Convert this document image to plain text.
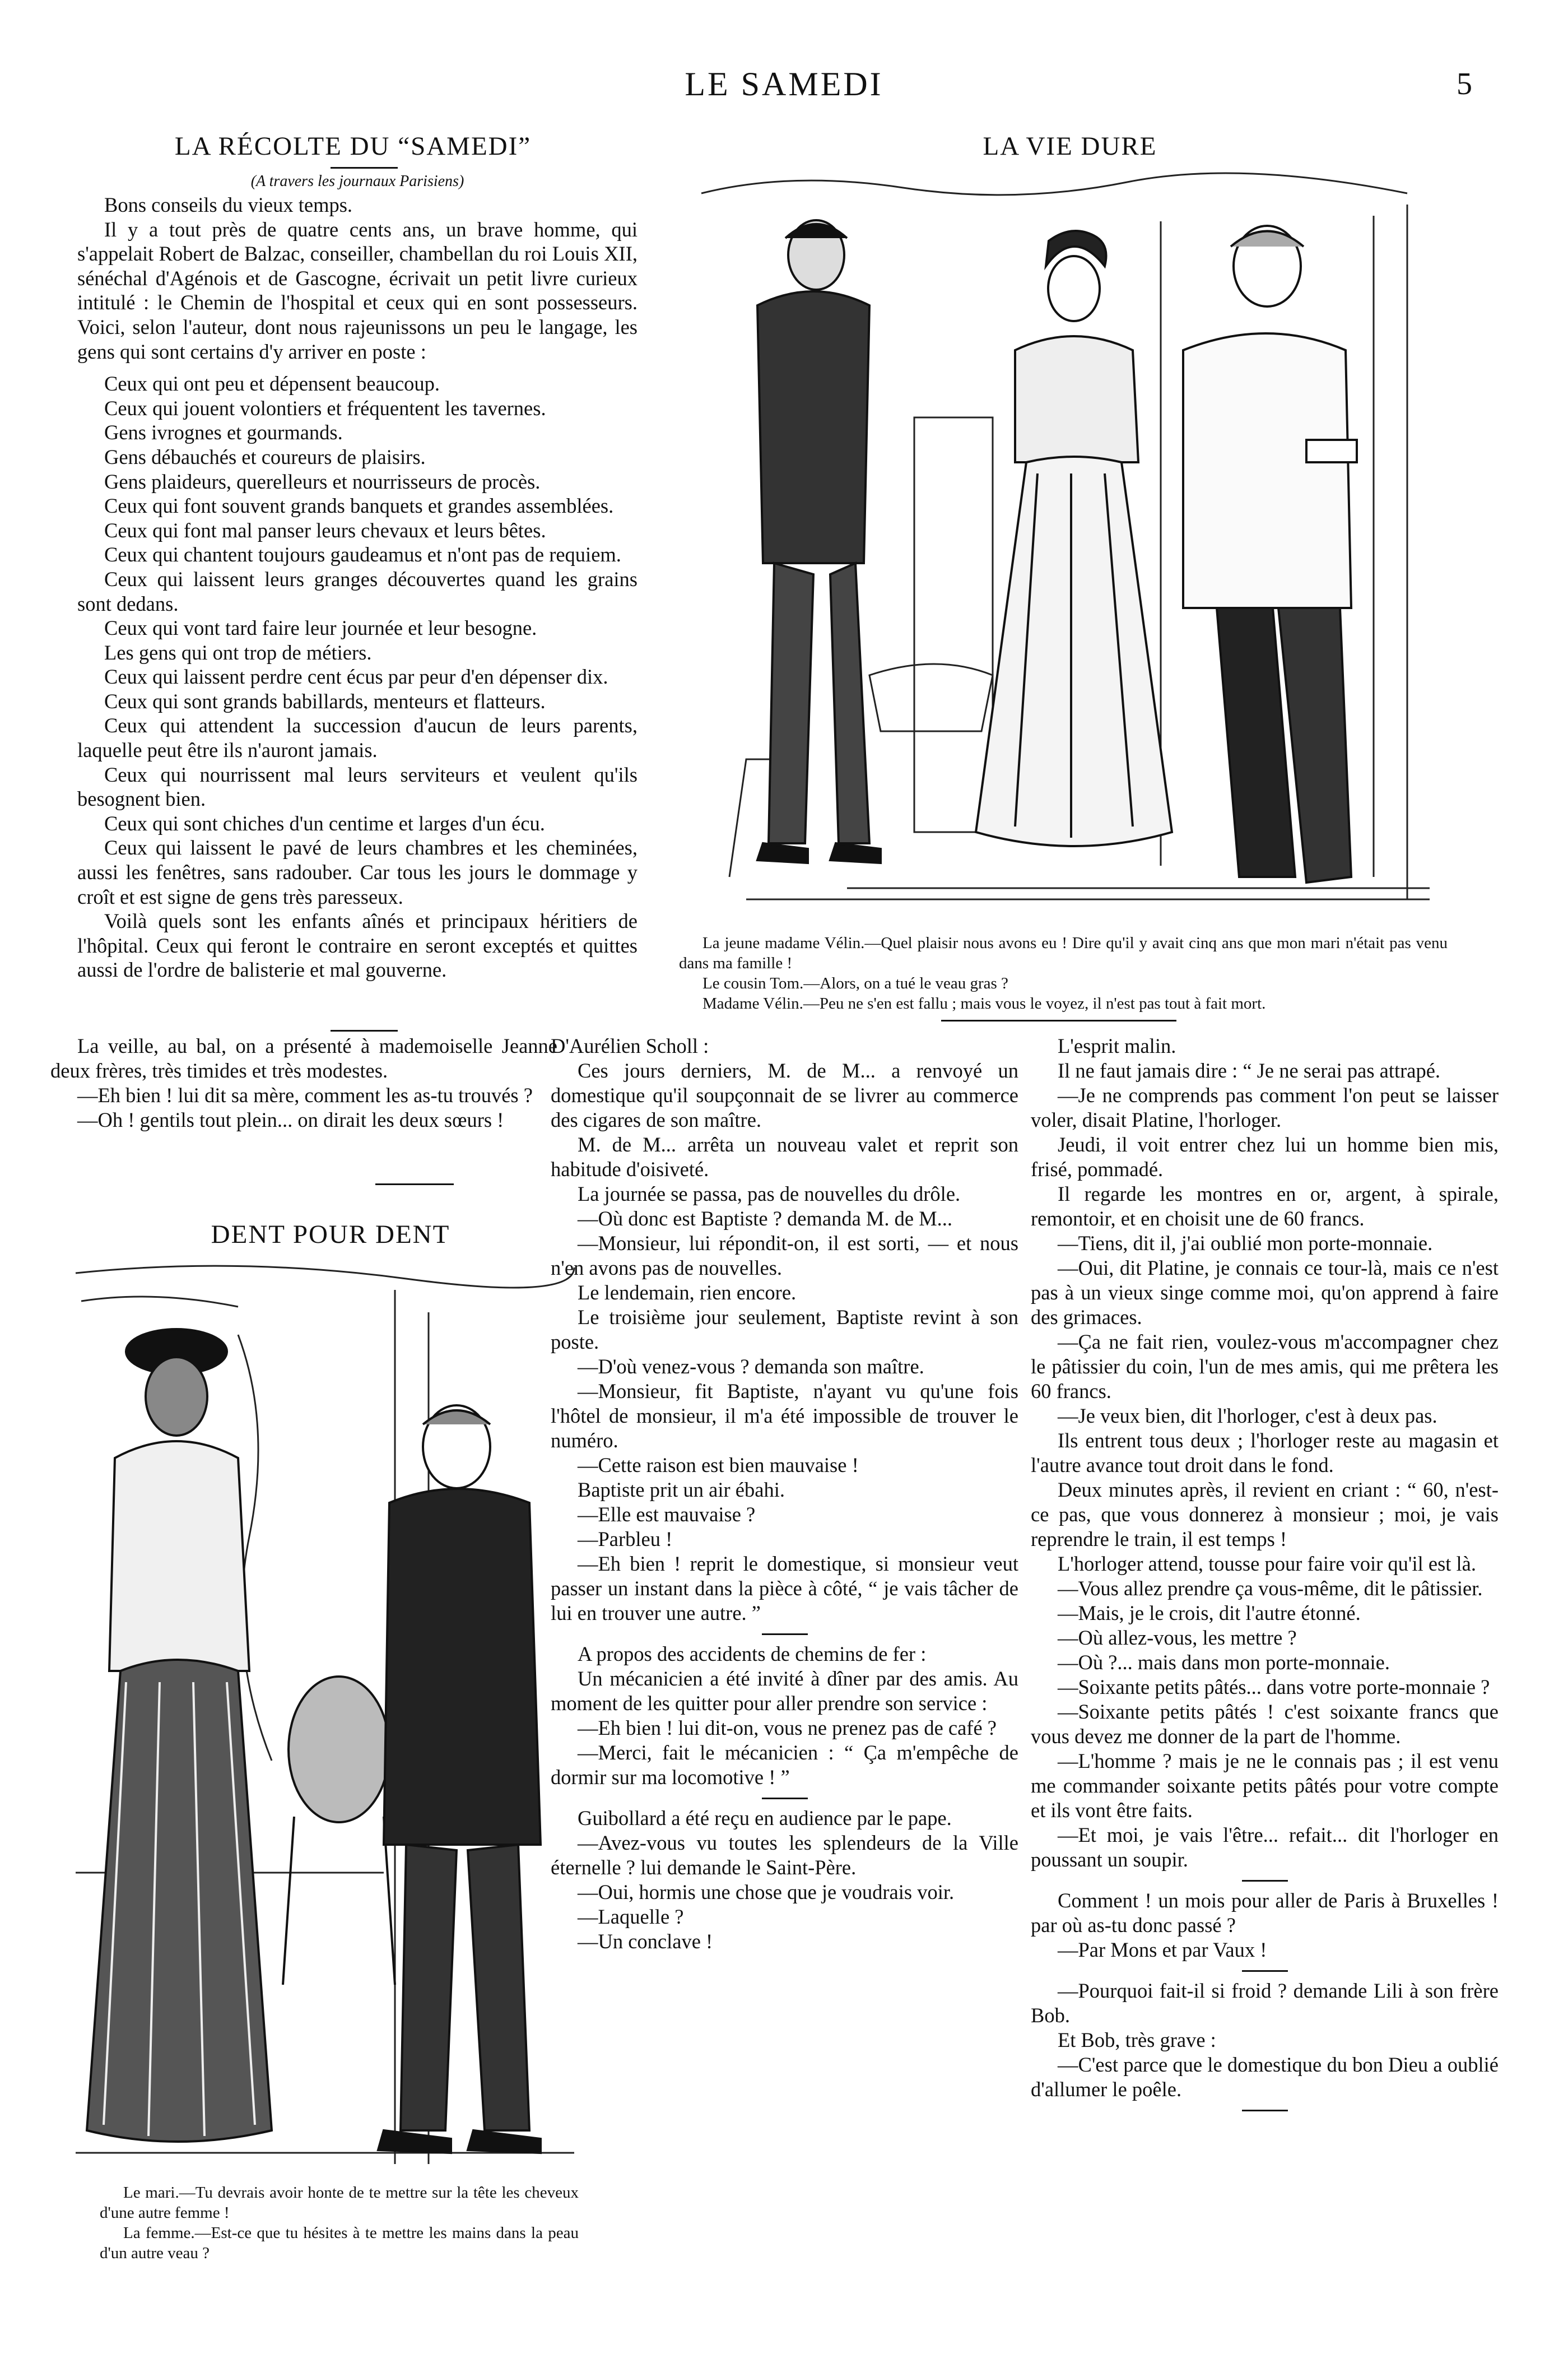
LE SAMEDI	5
LA RÉCOLTE DU “SAMEDI”
(A travers les journaux Parisiens)
Bons conseils du vieux temps.
Il y a tout près de quatre cents ans, un brave homme, qui s'appelait Robert de Balzac, conseiller, chambellan du roi Louis XII, sénéchal d'Agénois et de Gascogne, écrivait un petit livre curieux intitulé : le Chemin de l'hospital et ceux qui en sont possesseurs. Voici, selon l'auteur, dont nous rajeunissons un peu le langage, les gens qui sont certains d'y arriver en poste :
Ceux qui ont peu et dépensent beaucoup.
Ceux qui jouent volontiers et fréquentent les tavernes.
Gens ivrognes et gourmands.
Gens débauchés et coureurs de plaisirs.
Gens plaideurs, querelleurs et nourrisseurs de procès.
Ceux qui font souvent grands banquets et grandes assemblées.
Ceux qui font mal panser leurs chevaux et leurs bêtes.
Ceux qui chantent toujours gaudeamus et n'ont pas de requiem.
Ceux qui laissent leurs granges découvertes quand les grains sont dedans.
Ceux qui vont tard faire leur journée et leur besogne.
Les gens qui ont trop de métiers.
Ceux qui laissent perdre cent écus par peur d'en dépenser dix.
Ceux qui sont grands babillards, menteurs et flatteurs.
Ceux qui attendent la succession d'aucun de leurs parents, laquelle peut être ils n'auront jamais.
Ceux qui nourrissent mal leurs serviteurs et veulent qu'ils besognent bien.
Ceux qui sont chiches d'un centime et larges d'un écu.
Ceux qui laissent le pavé de leurs chambres et les cheminées, aussi les fenêtres, sans radouber. Car tous les jours le dommage y croît et est signe de gens très paresseux.
Voilà quels sont les enfants aînés et principaux héritiers de l'hôpital. Ceux qui feront le contraire en seront exceptés et quittes aussi de l'ordre de balisterie et mal gouverne.
LA VIE DURE
La jeune madame Vélin.—Quel plaisir nous avons eu ! Dire qu'il y avait cinq ans que mon mari n'était pas venu dans ma famille !
Le cousin Tom.—Alors, on a tué le veau gras ?
Madame Vélin.—Peu ne s'en est fallu ; mais vous le voyez, il n'est pas tout à fait mort.
La veille, au bal, on a présenté à mademoiselle Jeanne deux frères, très timides et très modestes.
—Eh bien ! lui dit sa mère, comment les as-tu trouvés ?
—Oh ! gentils tout plein... on dirait les deux sœurs !
DENT POUR DENT
Le mari.—Tu devrais avoir honte de te mettre sur la tête les cheveux d'une autre femme !
La femme.—Est-ce que tu hésites à te mettre les mains dans la peau d'un autre veau ?
D'Aurélien Scholl :
Ces jours derniers, M. de M... a renvoyé un domestique qu'il soupçonnait de se livrer au commerce des cigares de son maître.
M. de M... arrêta un nouveau valet et reprit son habitude d'oisiveté.
La journée se passa, pas de nouvelles du drôle.
—Où donc est Baptiste ? demanda M. de M...
—Monsieur, lui répondit-on, il est sorti, — et nous n'en avons pas de nouvelles.
Le lendemain, rien encore.
Le troisième jour seulement, Baptiste revint à son poste.
—D'où venez-vous ? demanda son maître.
—Monsieur, fit Baptiste, n'ayant vu qu'une fois l'hôtel de monsieur, il m'a été impossible de trouver le numéro.
—Cette raison est bien mauvaise !
Baptiste prit un air ébahi.
—Elle est mauvaise ?
—Parbleu !
—Eh bien ! reprit le domestique, si monsieur veut passer un instant dans la pièce à côté, “ je vais tâcher de lui en trouver une autre. ”
A propos des accidents de chemins de fer :
Un mécanicien a été invité à dîner par des amis. Au moment de les quitter pour aller prendre son service :
—Eh bien ! lui dit-on, vous ne prenez pas de café ?
—Merci, fait le mécanicien : “ Ça m'empêche de dormir sur ma locomotive ! ”
Guibollard a été reçu en audience par le pape.
—Avez-vous vu toutes les splendeurs de la Ville éternelle ? lui demande le Saint-Père.
—Oui, hormis une chose que je voudrais voir.
—Laquelle ?
—Un conclave !
L'esprit malin.
Il ne faut jamais dire : “ Je ne serai pas attrapé.
—Je ne comprends pas comment l'on peut se laisser voler, disait Platine, l'horloger.
Jeudi, il voit entrer chez lui un homme bien mis, frisé, pommadé.
Il regarde les montres en or, argent, à spirale, remontoir, et en choisit une de 60 francs.
—Tiens, dit il, j'ai oublié mon porte-monnaie.
—Oui, dit Platine, je connais ce tour-là, mais ce n'est pas à un vieux singe comme moi, qu'on apprend à faire des grimaces.
—Ça ne fait rien, voulez-vous m'accompagner chez le pâtissier du coin, l'un de mes amis, qui me prêtera les 60 francs.
—Je veux bien, dit l'horloger, c'est à deux pas.
Ils entrent tous deux ; l'horloger reste au magasin et l'autre avance tout droit dans le fond.
Deux minutes après, il revient en criant : “ 60, n'est-ce pas, que vous donnerez à monsieur ; moi, je vais reprendre le train, il est temps !
L'horloger attend, tousse pour faire voir qu'il est là.
—Vous allez prendre ça vous-même, dit le pâtissier.
—Mais, je le crois, dit l'autre étonné.
—Où allez-vous, les mettre ?
—Où ?... mais dans mon porte-monnaie.
—Soixante petits pâtés... dans votre porte-monnaie ?
—Soixante petits pâtés ! c'est soixante francs que vous devez me donner de la part de l'homme.
—L'homme ? mais je ne le connais pas ; il est venu me commander soixante petits pâtés pour votre compte et ils vont être faits.
—Et moi, je vais l'être... refait... dit l'horloger en poussant un soupir.
Comment ! un mois pour aller de Paris à Bruxelles ! par où as-tu donc passé ?
—Par Mons et par Vaux !
—Pourquoi fait-il si froid ? demande Lili à son frère Bob.
Et Bob, très grave :
—C'est parce que le domestique du bon Dieu a oublié d'allumer le poêle.
